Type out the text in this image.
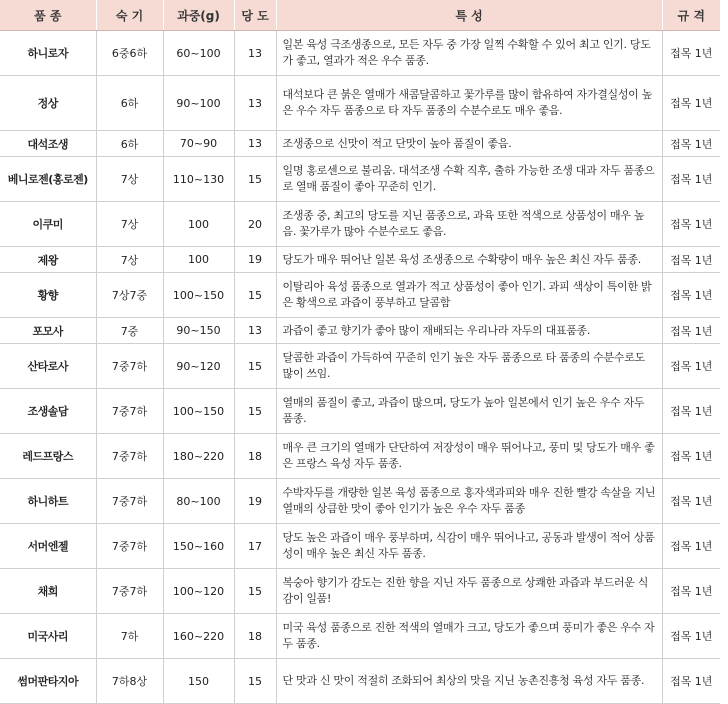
품 종	숙 기	과중(g)	당 도	특 성	규 격
하니로자	6중6하	60~100	13	일본 육성 극조생종으로, 모든 자두 중 가장 일찍 수확할 수 있어 최고 인기. 당도가 좋고, 열과가 적은 우수 품종.	접목 1년
정상	6하	90~100	13	대석보다 큰 붉은 열매가 새콤달콤하고 꽃가루를 많이 함유하여 자가결실성이 높은 우수 자두 품종으로 타 자두 품종의 수분수로도 매우 좋음.	접목 1년
대석조생	6하	70~90	13	조생종으로 신맛이 적고 단맛이 높아 품질이 좋음.	접목 1년
베니로젠(홍로젠)	7상	110~130	15	일명 홍로센으로 불리움. 대석조생 수확 직후, 출하 가능한 조생 대과 자두 품종으로 열매 품질이 좋아 꾸준히 인기.	접목 1년
이쿠미	7상	100	20	조생종 중, 최고의 당도를 지닌 품종으로, 과육 또한 적색으로 상품성이 매우 높음. 꽃가루가 많아 수분수로도 좋음.	접목 1년
제왕	7상	100	19	당도가 매우 뛰어난 일본 육성 조생종으로 수확량이 매우 높은 최신 자두 품종.	접목 1년
황향	7상7중	100~150	15	이탈리아 육성 품종으로 열과가 적고 상품성이 좋아 인기. 과피 색상이 특이한 밝은 황색으로 과즙이 풍부하고 달콤함	접목 1년
포모사	7중	90~150	13	과즙이 좋고 향기가 좋아 많이 재배되는 우리나라 자두의 대표품종.	접목 1년
산타로사	7중7하	90~120	15	달콤한 과즙이 가득하여 꾸준히 인기 높은 자두 품종으로 타 품종의 수분수로도 많이 쓰임.	접목 1년
조생솔담	7중7하	100~150	15	열매의 품질이 좋고, 과즙이 많으며, 당도가 높아 일본에서 인기 높은 우수 자두 품종.	접목 1년
레드프랑스	7중7하	180~220	18	매우 큰 크기의 열매가 단단하여 저장성이 매우 뛰어나고, 풍미 및 당도가 매우 좋은 프랑스 육성 자두 품종.	접목 1년
하니하트	7중7하	80~100	19	수박자두를 개량한 일본 육성 품종으로 홍자색과피와 매우 진한 빨강 속살을 지닌 열매의 상큼한 맛이 좋아 인기가 높은 우수 자두 품종	접목 1년
서머엔젤	7중7하	150~160	17	당도 높은 과즙이 매우 풍부하며, 식감이 매우 뛰어나고, 공동과 발생이 적어 상품성이 매우 높은 최신 자두 품종.	접목 1년
채희	7중7하	100~120	15	복숭아 향기가 감도는 진한 향을 지닌 자두 품종으로 상쾌한 과즙과 부드러운 식감이 일품!	접목 1년
미국사리	7하	160~220	18	미국 육성 품종으로 진한 적색의 열매가 크고, 당도가 좋으며 풍미가 좋은 우수 자두 품종.	접목 1년
썸머판타지아	7하8상	150	15	단 맛과 신 맛이 적절히 조화되어 최상의 맛을 지닌 농촌진흥청 육성 자두 품종.	접목 1년
